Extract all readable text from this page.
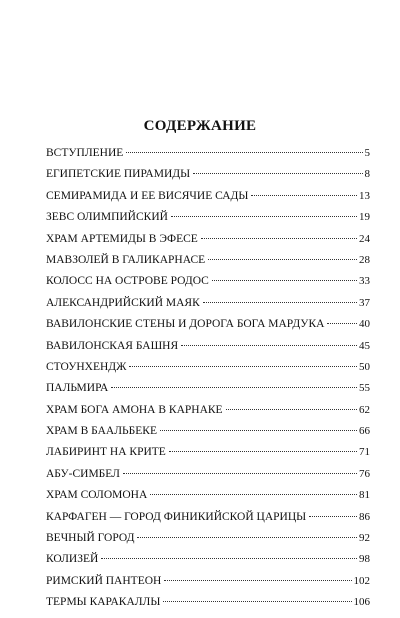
СОДЕРЖАНИЕ
ВСТУПЛЕНИЕ	5
ЕГИПЕТСКИЕ ПИРАМИДЫ	8
СЕМИРАМИДА И ЕЕ ВИСЯЧИЕ САДЫ	13
ЗЕВС ОЛИМПИЙСКИЙ	19
ХРАМ АРТЕМИДЫ В ЭФЕСЕ	24
МАВЗОЛЕЙ В ГАЛИКАРНАСЕ	28
КОЛОСС НА ОСТРОВЕ РОДОС	33
АЛЕКСАНДРИЙСКИЙ МАЯК	37
ВАВИЛОНСКИЕ СТЕНЫ И ДОРОГА БОГА МАРДУКА	40
ВАВИЛОНСКАЯ БАШНЯ	45
СТОУНХЕНДЖ	50
ПАЛЬМИРА	55
ХРАМ БОГА АМОНА В КАРНАКЕ	62
ХРАМ В БААЛЬБЕКЕ	66
ЛАБИРИНТ НА КРИТЕ	71
АБУ-СИМБЕЛ	76
ХРАМ СОЛОМОНА	81
КАРФАГЕН — ГОРОД ФИНИКИЙСКОЙ ЦАРИЦЫ	86
ВЕЧНЫЙ ГОРОД	92
КОЛИЗЕЙ	98
РИМСКИЙ ПАНТЕОН	102
ТЕРМЫ КАРАКАЛЛЫ	106
